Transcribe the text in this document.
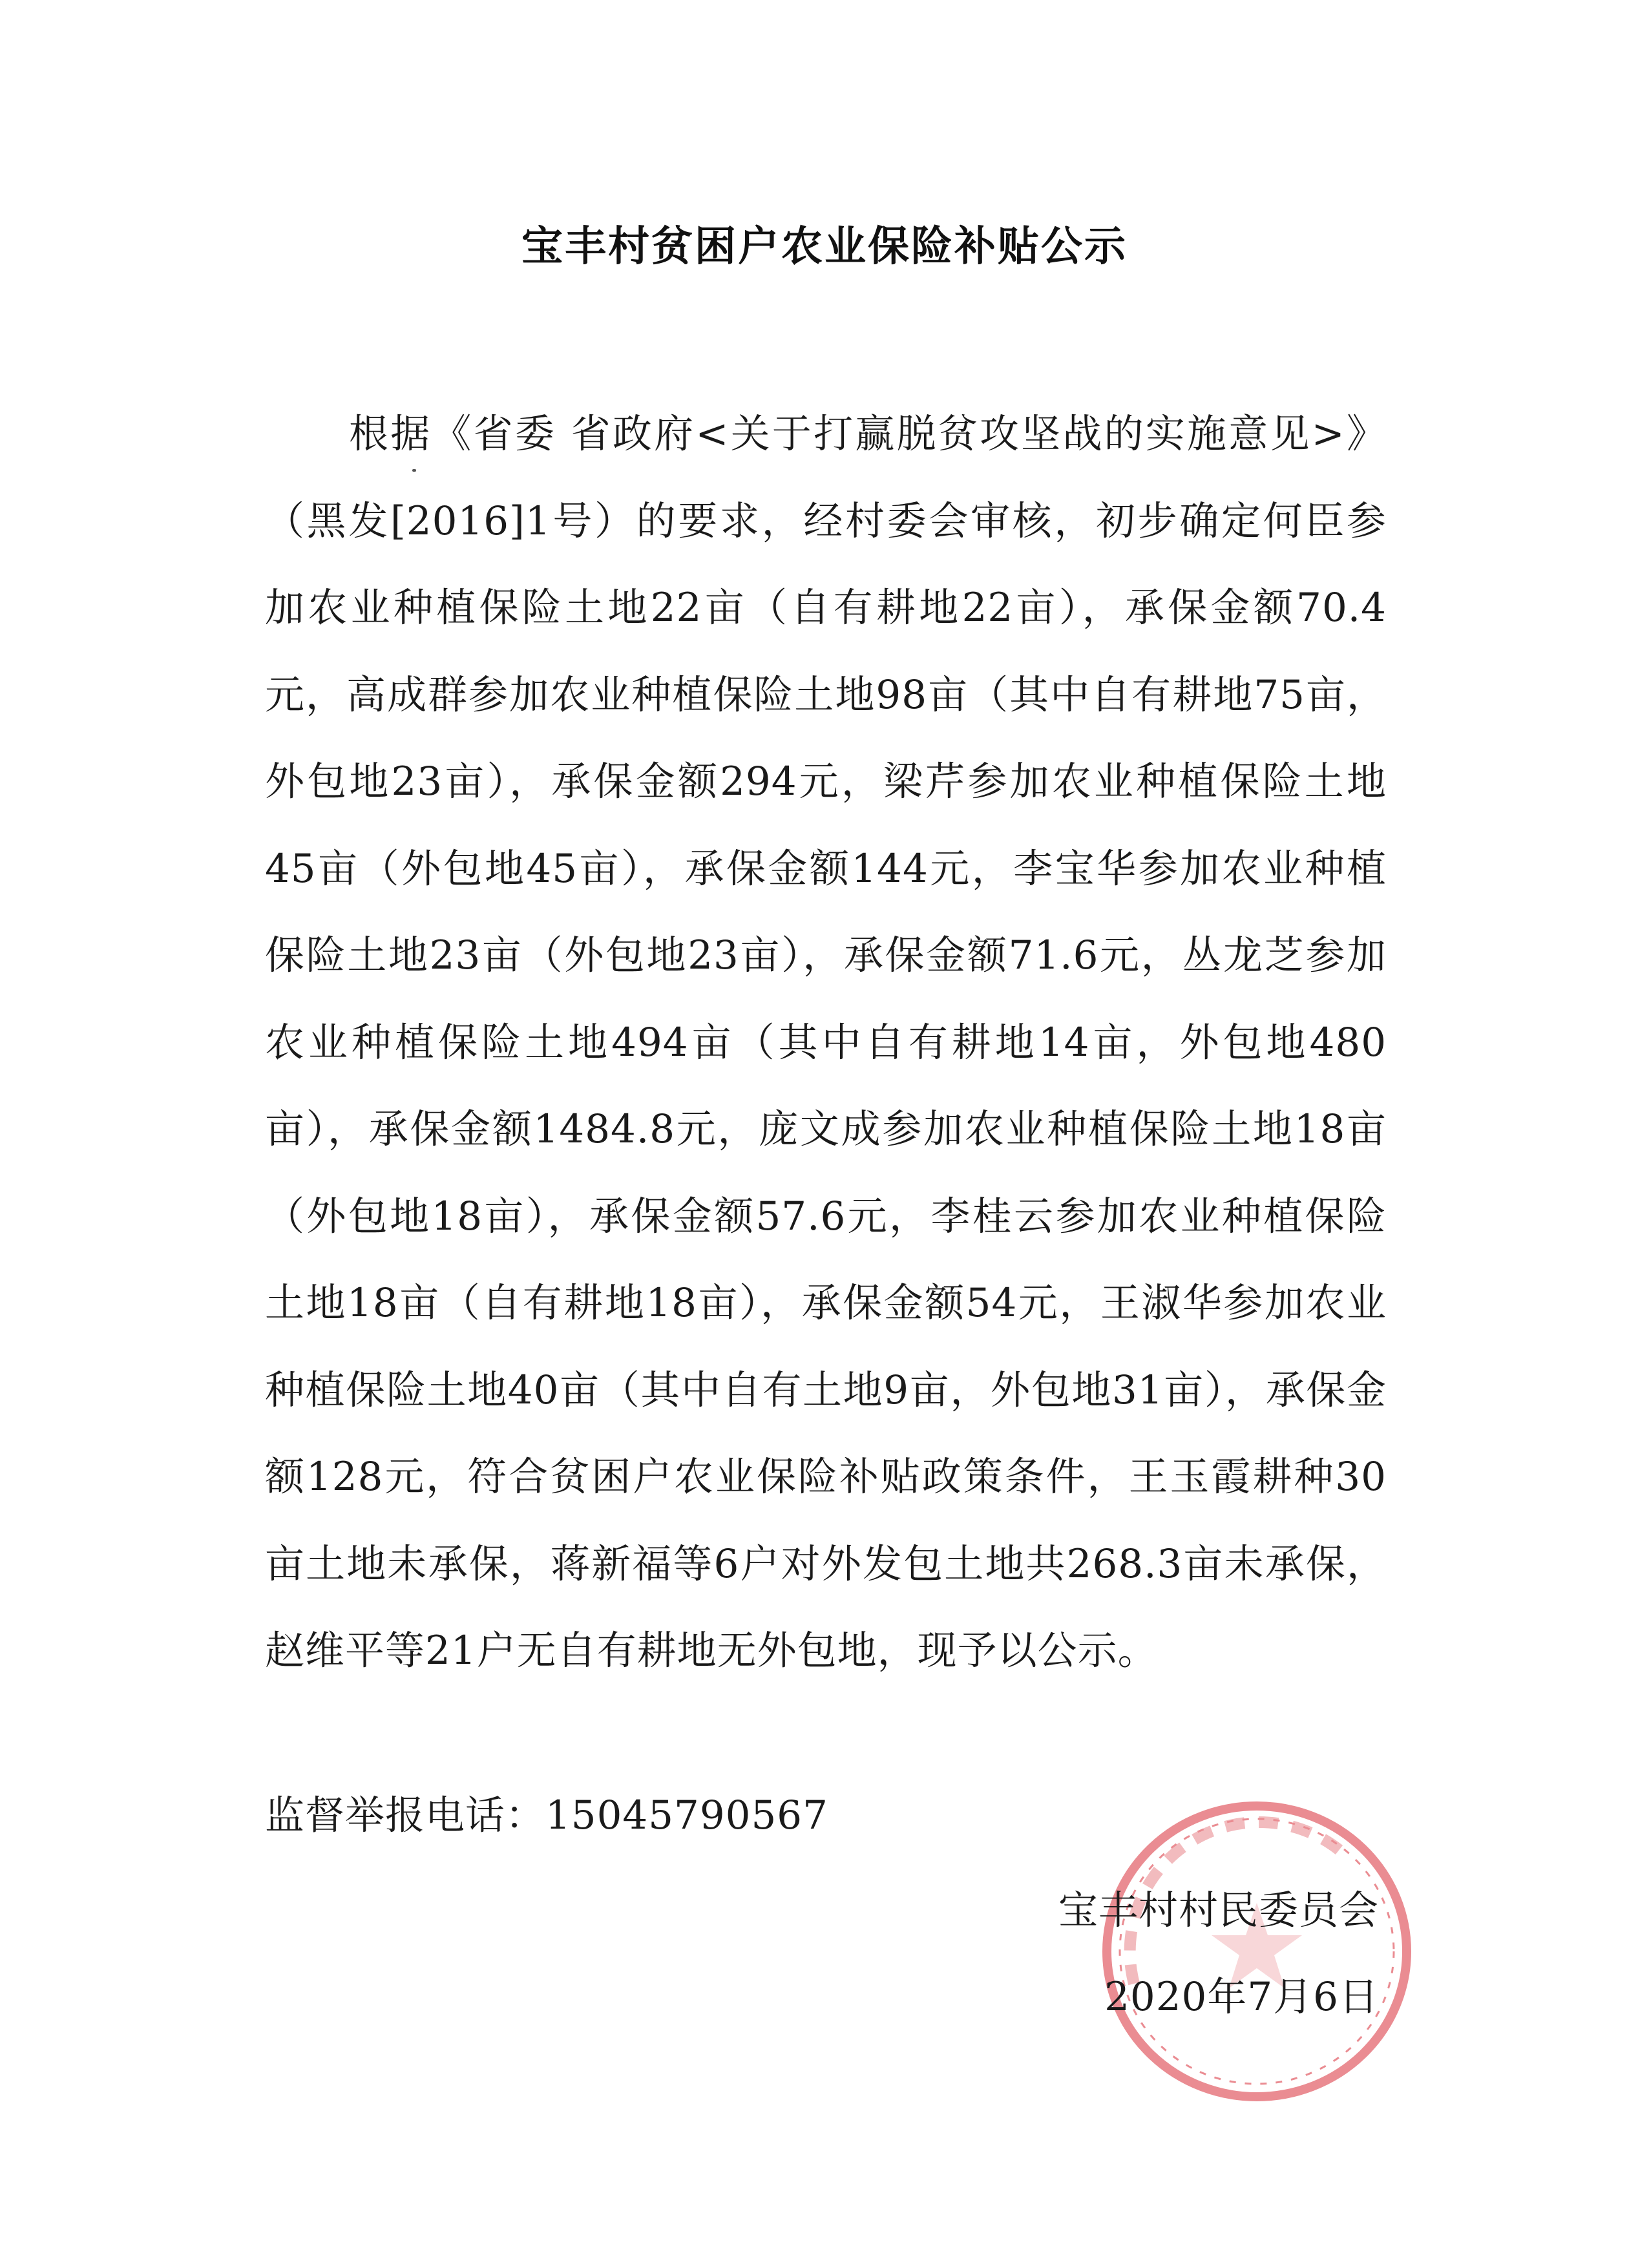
宝丰村贫困户农业保险补贴公示

根据《省委 省政府<关于打赢脱贫攻坚战的实施意见>》（黑发[2016]1号）的要求，经村委会审核，初步确定何臣参加农业种植保险土地22亩（自有耕地22亩），承保金额70.4元，高成群参加农业种植保险土地98亩（其中自有耕地75亩，外包地23亩），承保金额294元，梁芹参加农业种植保险土地45亩（外包地45亩），承保金额144元，李宝华参加农业种植保险土地23亩（外包地23亩），承保金额71.6元，丛龙芝参加农业种植保险土地494亩（其中自有耕地14亩，外包地480亩），承保金额1484.8元，庞文成参加农业种植保险土地18亩（外包地18亩），承保金额57.6元，李桂云参加农业种植保险土地18亩（自有耕地18亩），承保金额54元，王淑华参加农业种植保险土地40亩（其中自有土地9亩，外包地31亩），承保金额128元，符合贫困户农业保险补贴政策条件，王玉霞耕种30亩土地未承保，蒋新福等6户对外发包土地共268.3亩未承保，赵维平等21户无自有耕地无外包地，现予以公示。

监督举报电话：15045790567
宝丰村村民委员会
2020年7月6日
